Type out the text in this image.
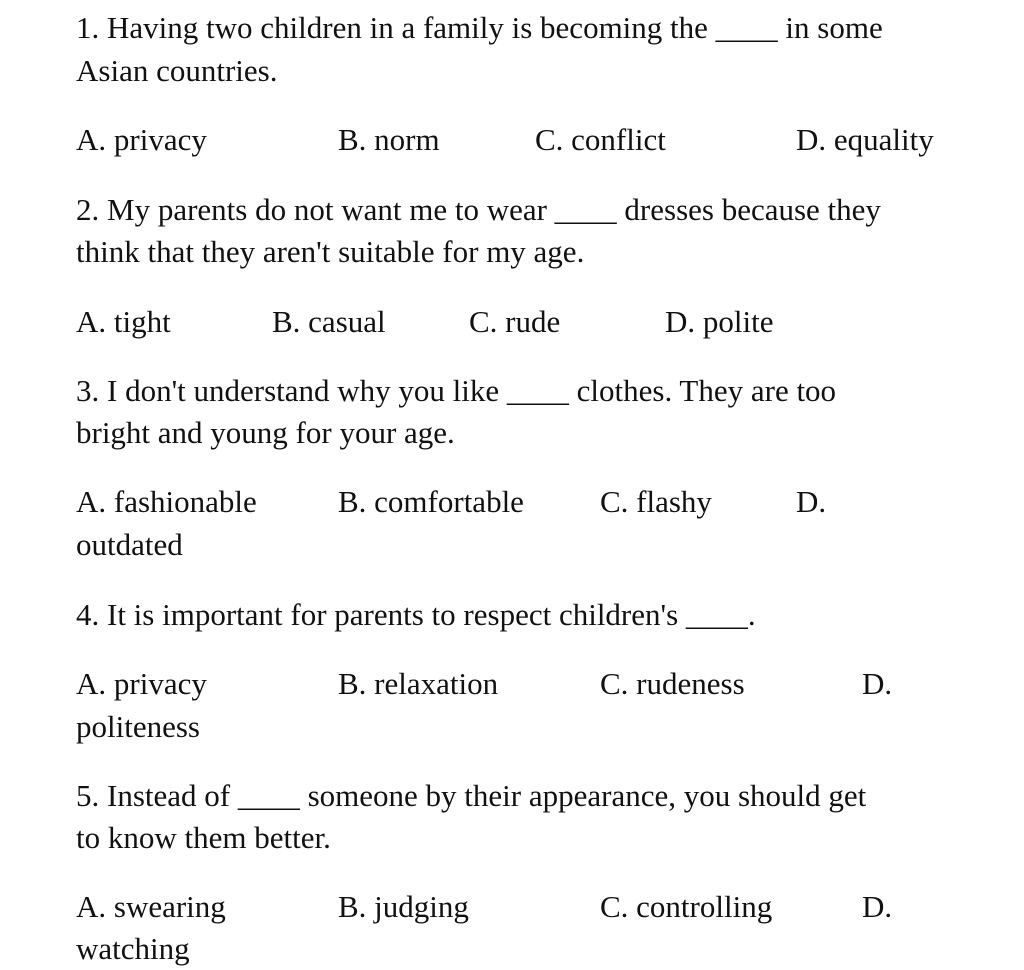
1. Having two children in a family is becoming the ____ in some
Asian countries.
A. privacy	B. norm	C. conflict	D. equality
2. My parents do not want me to wear ____ dresses because they
think that they aren't suitable for my age.
A. tight	B. casual	C. rude	D. polite
3. I don't understand why you like ____ clothes. They are too
bright and young for your age.
A. fashionable	B. comfortable C. flashy	D.
outdated
4. It is important for parents to respect children's ____.
A. privacy	B. relaxation	C. rudeness	D.
politeness
5. Instead of ____ someone by their appearance, you should get
to know them better.
A. swearing	B. judging	C. controlling	D.
watching
